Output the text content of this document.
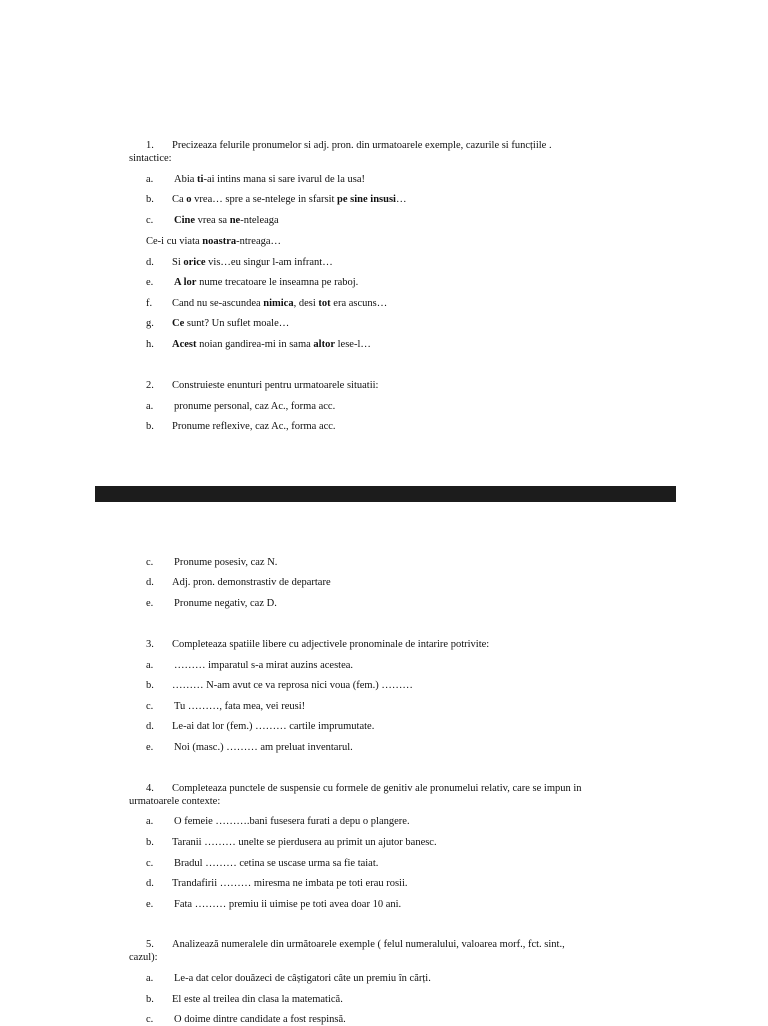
1. Precizeaza felurile pronumelor si adj. pron. din urmatoarele exemple, cazurile si funcțiile .
sintactice:
a. Abia ti-ai intins mana si sare ivarul de la usa!
b. Ca o vrea… spre a se-ntelege in sfarsit pe sine insusi…
c. Cine vrea sa ne-nteleaga
Ce-i cu viata noastra-ntreaga…
d. Si orice vis…eu singur l-am infrant…
e. A lor nume trecatoare le inseamna pe raboj.
f. Cand nu se-ascundea nimica, desi tot era ascuns…
g. Ce sunt? Un suflet moale…
h. Acest noian gandirea-mi in sama altor lese-l…
2. Construieste enunturi pentru urmatoarele situatii:
a. pronume personal, caz Ac., forma acc.
b. Pronume reflexive, caz Ac., forma acc.
c. Pronume posesiv, caz N.
d. Adj. pron. demonstrastiv de departare
e. Pronume negativ, caz D.
3. Completeaza spatiile libere cu adjectivele pronominale de intarire potrivite:
a. ……… imparatul s-a mirat auzins acestea.
b. ……… N-am avut ce va reprosa nici voua (fem.) ………
c. Tu ………, fata mea, vei reusi!
d. Le-ai dat lor (fem.) ……… cartile imprumutate.
e. Noi (masc.) ……… am preluat inventarul.
4. Completeaza punctele de suspensie cu formele de genitiv ale pronumelui relativ, care se impun in
urmatoarele contexte:
a. O femeie ……….bani fusesera furati a depu o plangere.
b. Taranii ……… unelte se pierdusera au primit un ajutor banesc.
c. Bradul ……… cetina se uscase urma sa fie taiat.
d. Trandafirii ……… miresma ne imbata pe toti erau rosii.
e. Fata ……… premiu ii uimise pe toti avea doar 10 ani.
5. Analizează numeralele din următoarele exemple ( felul numeralului, valoarea morf., fct. sint.,
cazul):
a. Le-a dat celor douăzeci de câștigatori câte un premiu în cărți.
b. El este al treilea din clasa la matematică.
c. O doime dintre candidate a fost respinsă.
